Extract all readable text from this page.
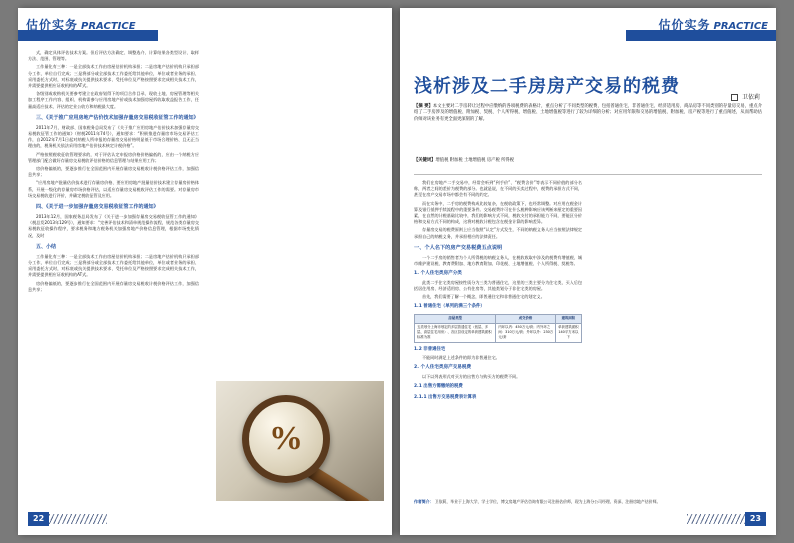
估价实务 PRACTICE

式，确定具体评估技术方案。但后评估方法确定、调整选介、计算结果各类型设计、取样方法、范围、管理等。

工作量化有三种：一是全部技术工作由房屋估价机构承担；二是房地产估价机构只承担部分工作，单位自行完成；三是将部分或全部技术工作委托给其他单位，单位或者业务的承担、采用委托方式时，对标底或抗关提供技术要求、受托单位及严格按照要求完成相关技术工作，并需要提供相应证收机构的AT式。

各级别或收购机关要参考建立在政府划得下的项目合作目录、现收土地、房屋管理等相关加工程序工作内容、组织、机构需参与应用房地产价或技术加强房屋拆收取收益报告工作，任量高适应技术、评估的定业公收方和纳税最大度。

三、《关于推广应用房地产估价技术加强存量房交易税收征管工作的通知》

2011年7月，财政部、国家税务总局发布了《关于推广应用房地产估价技术加强存量房交易税收征管工作的通知》（财税2011年74号），通知要求：“积极推进存量房市场交易评估工作，自2012年7月1日起对纳税人所申报的存量房交易价格明显低于市场合理价格、且无正当理由的，税务机关依法采用房地产估价技术核定计税价格”。

严格按照税收征收管理要求的，对于评估认定申报房价格价格偏低的，应由一个纳税方应管理部门配合做好存量房交易税收评估价格的信息管理与结果应用工作；

房价格偏低的，要逐步推行在全国范围内开展存量房交易税收计税价格评估工作，加强信息共享；

“应用房地产批量估价技术进行存量房价格、要应用房地产批量估价技术建立存量房价格体系，开展一级化的存量房市场价格评估，以适应存量房交易税收评估工作的需要。对存量房市场交易税收进行评价，并确定税收征管及应用。

四、《关于进一步加强存量房交易税收征管工作的通知》

2013年12月，国家税务总局发布了《关于进一步加强存量房交易税收征管工作的通知》（税总发2013年129号），通知要求：“完善评估技术和清单规范操作流程，规范各类存量房交易税收征收操作程序，要求税务和地方税务机关加强房地产价格信息管理，根据市场变化情况，及时

五、小结

工作量化有三种：一是全部技术工作由房屋估价机构承担；二是房地产估价机构只承担部分工作，单位自行完成；三是将部分或全部技术工作委托给其他单位，单位或者业务的承担、采用委托方式时，对标底或抗关提供技术要求、受托单位及严格按照要求完成相关技术工作，并需要提供相应证收机构的AT式。

房价格偏低的，要逐步推行在全国范围内开展存量房交易税收计税价格评估工作，加强信息共享；

%
22
估价实务 PRACTICE
浅析涉及二手房房产交易的税费
卫依莉
【摘 要】本文主要对二手房转让过程中应缴纳的各项税费的表格计，重点分析了不同类型的税费，包括普通住宅、非普通住宅、经济适用房、商品房等不同类别的存量房交易，重点介绍了二手房涉及的增值税、附加税、契税、个人所得税、增值税、土地增值税等进行了较为详细的分析；对应用年限和交易的增值税、附加税、房产税等进行了重点阐述，从而帮助估价师对该业务有更全面更深刻的了解。
【关键词】增值税 附加税 土地增值税 房产税 所得税

我们在房地产二手交易中，经常会听到“到手价”、“税费含价”等表示不同价值的部分名称，两者之间的差价为税费的部分。也就是说，在不同的买卖过程中，税费的承担方式不同，甚至在房产交易市场中都会有不同的约定。

而在实务中，二手房的税费构成比较复杂，在税收政策下，也经常调整。对应用在税金计算及银行抵押手续流程中的重要条件。交易税费许可在什么税种影响应该判断来厘定的重要因素，在自然的计税基础比较中，我们的影响方式不同，税收支付的承担能力不同，要能区分价格和交易方式不同的构成，这将对税收计税包含在税金计算的影响差异。

存量房交易的税费原则上应当依照“认定”方式发生，不同的纳税义务人应当按照法律规定承担自己的纳税义务，并承担相应的法律责任。

一、个人名下的房产交易税费五点说明

一个二手房的销售者为个人所得税的纳税义务人，在税收收取中涉及的税费有增值税、城市维护建设税、教育费附加、地方教育附加、印花税、土地增值税、个人所得税、契税等。

1. 个人住宅类房产分类

此类二手住宅类房屋按性质分为三类为普通住宅，这里的三类主要分为住宅类，买入后包括居住用房、经济适用房、公有住房等，其他类划分于非住宅类的房屋。

首先，我们需要了解一个概念，即普通住宅和非普通住宅的划定义。

1.1 普通住宅（单列的满三个条件）
房屋类型	成交价格	建筑面积
五类划分上海市划定的多层普通住宅（低层、多层、高层住宅用房）、各区县设定的单套建筑面积标准为准	内环以内：450万元/套；内外环之间：310万元/套；外环以外：230万元/套	单套建筑面积140平方米以下
1.2 非普通住宅

不能同时满足上述条件的即为非普通住宅。

2. 个人住宅类房产交易税费

以下以列表形式对买方的出售方与购买方的税费不同。

2.1 出售方需缴纳的税费
2.1.1 出售方交易税费表计算表
作者简介： 卫依莉，毕业于上海大学，学士学位，博文房地产评估咨询有限公司注册估价师，现为上海分公司经理、资深、注册房地产估价师。
23
